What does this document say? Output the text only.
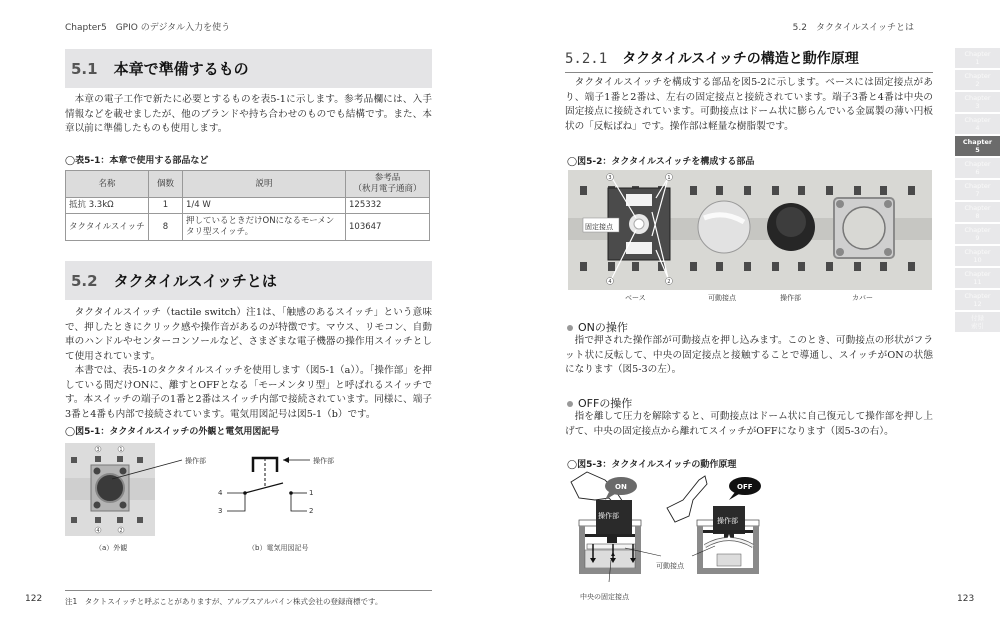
Chapter5　GPIO のデジタル入力を使う
5.1 本章で準備するもの

本章の電子工作で新たに必要とするものを表5-1に示します。参考品欄には、入手情報などを載せましたが、他のブランドや持ち合わせのものでも結構です。また、本章以前に準備したものも使用します。

◯表5-1：本章で使用する部品など
名称	個数	説明	参考品
（秋月電子通商）

抵抗 3.3kΩ	1	1/4 W	125332
タクタイルスイッチ	8	押しているときだけONになるモーメンタリ型スイッチ。	103647
5.2 タクタイルスイッチとは

タクタイルスイッチ（tactile switch）注1は、「触感のあるスイッチ」という意味で、押したときにクリック感や操作音があるのが特徴です。マウス、リモコン、自動車のハンドルやセンターコンソールなど、さまざまな電子機器の操作用スイッチとして使用されています。

本書では、表5-1のタクタイルスイッチを使用します（図5-1（a））。「操作部」を押している間だけONに、離すとOFFとなる「モーメンタリ型」と呼ばれるスイッチです。本スイッチの端子の1番と2番はスイッチ内部で接続されています。同様に、端子3番と4番も内部で接続されています。電気用図記号は図5-1（b）です。

◯図5-1：タクタイルスイッチの外観と電気用図記号
3	1
4	2
操作部
（a）外観
4
3
1
2
操作部
（b）電気用図記号
注1　タクトスイッチと呼ぶことがありますが、アルプスアルパイン株式会社の登録商標です。
122
5.2　タクタイルスイッチとは
5.2.1 タクタイルスイッチの構造と動作原理

タクタイルスイッチを構成する部品を図5-2に示します。ベースには固定接点があり、端子1番と2番は、左右の固定接点と接続されています。端子3番と4番は中央の固定接点に接続されています。可動接点はドーム状に膨らんでいる金属製の薄い円板状の「反転ばね」です。操作部は軽量な樹脂製です。

◯図5-2：タクタイルスイッチを構成する部品
3	1
4	2
固定接点
ベース	可動接点	操作部	カバー
ONの操作

指で押された操作部が可動接点を押し込みます。このとき、可動接点の形状がフラット状に反転して、中央の固定接点と接触することで導通し、スイッチがONの状態になります（図5-3の左）。

OFFの操作

指を離して圧力を解除すると、可動接点はドーム状に自己復元して操作部を押し上げて、中央の固定接点から離れてスイッチがOFFになります（図5-3の右）。

◯図5-3：タクタイルスイッチの動作原理
ON	OFF
操作部
操作部
可動接点
中央の固定接点	123
Chapter
1
Chapter
2
Chapter
3
Chapter
4
Chapter
5
Chapter
6
Chapter
7
Chapter
8
Chapter
9
Chapter
10
Chapter
11
Chapter
12
付録
索引
